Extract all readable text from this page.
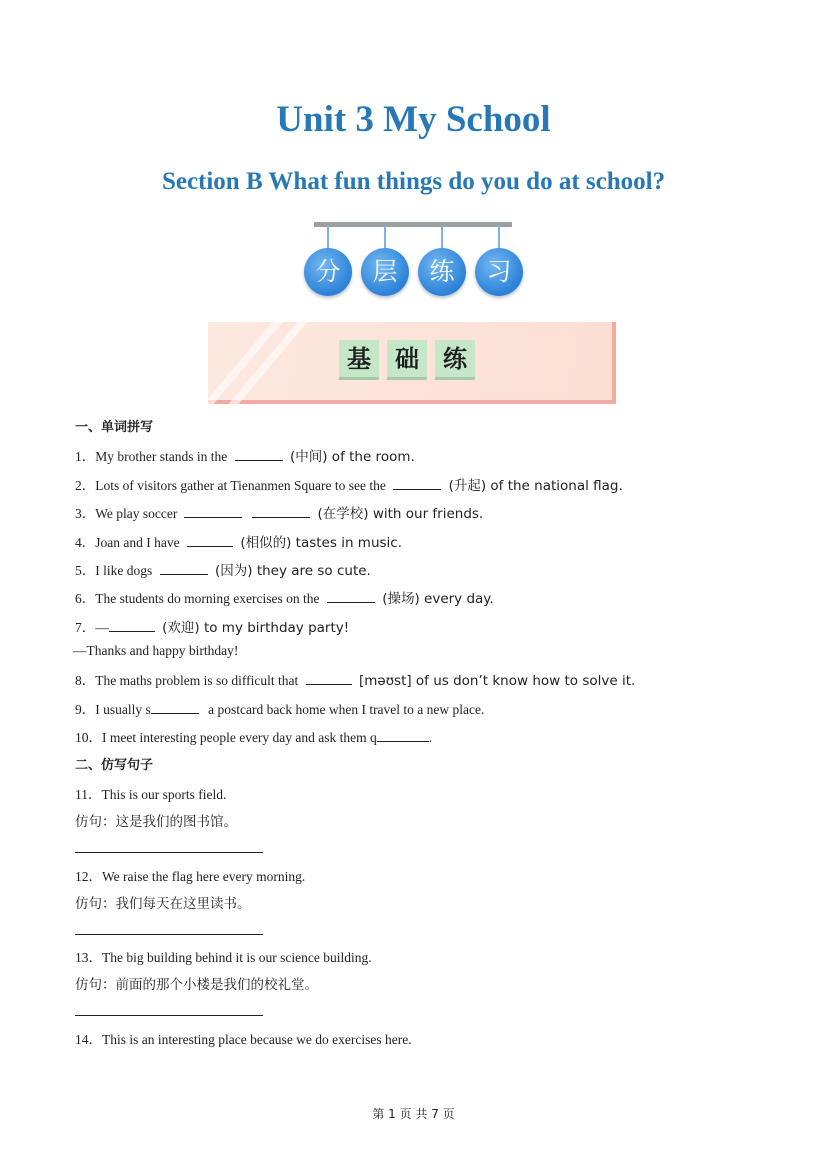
Unit 3 My School
Section B What fun things do you do at school?
分	层	练	习
基	础	练
一、单词拼写
1．My brother stands in the	(中间) of the room.
2．Lots of visitors gather at Tienanmen Square to see the	(升起) of the national flag.
3．We play soccer	(在学校) with our friends.
4．Joan and I have	(相似的) tastes in music.
5．I like dogs	(因为) they are so cute.
6．The students do morning exercises on the	(操场) every day.
7．—	(欢迎) to my birthday party!
—Thanks and happy birthday!
8．The maths problem is so difficult that	[məʊst] of us don’t know how to solve it.
9．I usually s	a postcard back home when I travel to a new place.
10．I meet interesting people every day and ask them q	.
二、仿写句子
11．This is our sports field.
仿句：这是我们的图书馆。
12．We raise the flag here every morning.
仿句：我们每天在这里读书。
13．The big building behind it is our science building.
仿句：前面的那个小楼是我们的校礼堂。
14．This is an interesting place because we do exercises here.
第 1 页 共 7 页
